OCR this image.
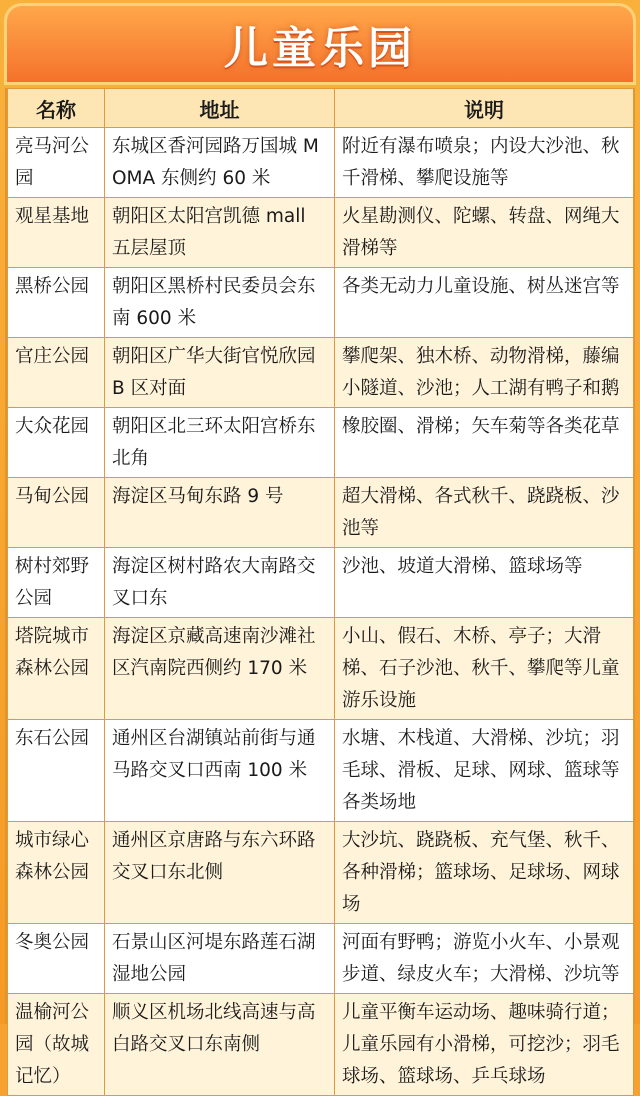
儿童乐园
名称	地址	说明
亮马河公园	东城区香河园路万国城 MOMA 东侧约 60 米	附近有瀑布喷泉；内设大沙池、秋千滑梯、攀爬设施等
观星基地	朝阳区太阳宫凯德 mall 五层屋顶	火星勘测仪、陀螺、转盘、网绳大滑梯等
黑桥公园	朝阳区黑桥村民委员会东南 600 米	各类无动力儿童设施、树丛迷宫等
官庄公园	朝阳区广华大街官悦欣园 B 区对面	攀爬架、独木桥、动物滑梯，藤编小隧道、沙池；人工湖有鸭子和鹅
大众花园	朝阳区北三环太阳宫桥东北角	橡胶圈、滑梯；矢车菊等各类花草
马甸公园	海淀区马甸东路 9 号	超大滑梯、各式秋千、跷跷板、沙池等
树村郊野公园	海淀区树村路农大南路交叉口东	沙池、坡道大滑梯、篮球场等
塔院城市森林公园	海淀区京藏高速南沙滩社区汽南院西侧约 170 米	小山、假石、木桥、亭子；大滑梯、石子沙池、秋千、攀爬等儿童游乐设施
东石公园	通州区台湖镇站前街与通马路交叉口西南 100 米	水塘、木栈道、大滑梯、沙坑；羽毛球、滑板、足球、网球、篮球等各类场地
城市绿心森林公园	通州区京唐路与东六环路交叉口东北侧	大沙坑、跷跷板、充气堡、秋千、各种滑梯；篮球场、足球场、网球场
冬奥公园	石景山区河堤东路莲石湖湿地公园	河面有野鸭；游览小火车、小景观步道、绿皮火车；大滑梯、沙坑等
温榆河公园（故城记忆）	顺义区机场北线高速与高白路交叉口东南侧	儿童平衡车运动场、趣味骑行道；儿童乐园有小滑梯，可挖沙；羽毛球场、篮球场、乒乓球场
